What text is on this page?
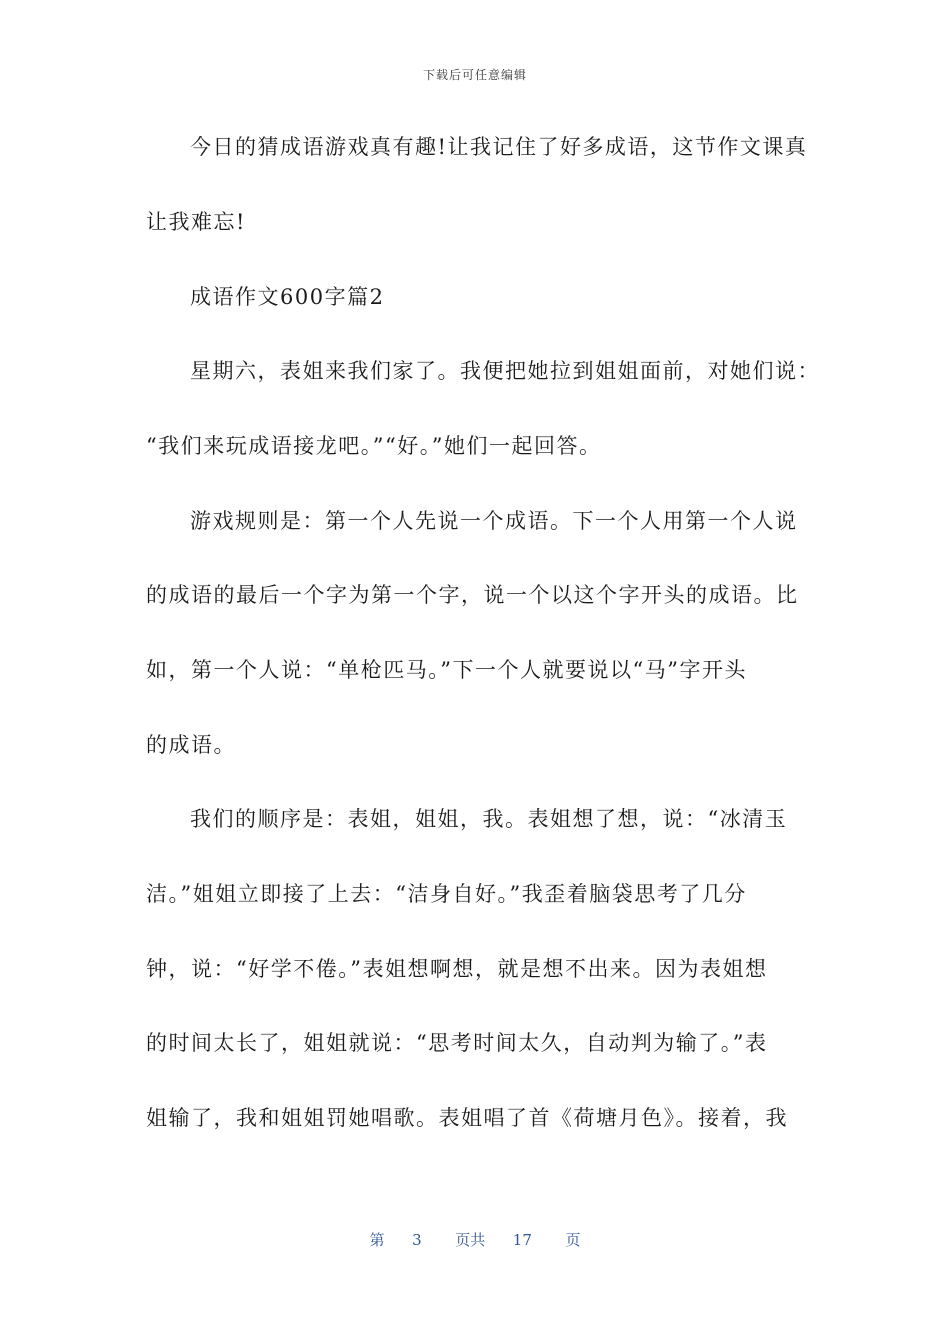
下载后可任意编辑
今日的猜成语游戏真有趣!让我记住了好多成语，这节作文课真
让我难忘!
成语作文600字篇2
星期六，表姐来我们家了。我便把她拉到姐姐面前，对她们说：
“我们来玩成语接龙吧。”“好。”她们一起回答。
游戏规则是：第一个人先说一个成语。下一个人用第一个人说
的成语的最后一个字为第一个字，说一个以这个字开头的成语。比
如，第一个人说：“单枪匹马。”下一个人就要说以“马”字开头
的成语。
我们的顺序是：表姐，姐姐，我。表姐想了想，说：“冰清玉
洁。”姐姐立即接了上去：“洁身自好。”我歪着脑袋思考了几分
钟，说：“好学不倦。”表姐想啊想，就是想不出来。因为表姐想
的时间太长了，姐姐就说：“思考时间太久，自动判为输了。”表
姐输了，我和姐姐罚她唱歌。表姐唱了首《荷塘月色》。接着，我
第 3 页共 17 页
